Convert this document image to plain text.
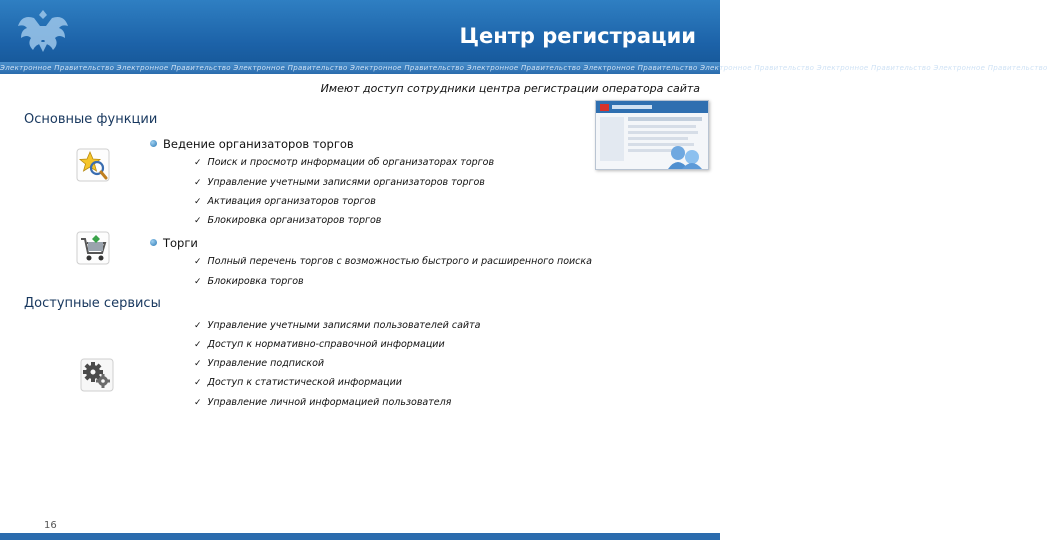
Центр регистрации
Электронное Правительство Электронное Правительство Электронное Правительство Электронное Правительство Электронное Правительство Электронное Правительство Электронное Правительство Электронное Правительство Электронное Правительство
Имеют доступ сотрудники центра регистрации оператора сайта
Основные функции
Ведение организаторов торгов
✓ Поиск и просмотр информации об организаторах торгов
✓ Управление учетными записями организаторов торгов
✓ Активация организаторов торгов
✓ Блокировка организаторов торгов
Торги
✓ Полный перечень торгов с возможностью быстрого и расширенного поиска
✓ Блокировка торгов
Доступные сервисы
✓ Управление учетными записями пользователей сайта
✓ Доступ к нормативно-справочной информации
✓ Управление подпиской
✓ Доступ к статистической информации
✓ Управление личной информацией пользователя
16
